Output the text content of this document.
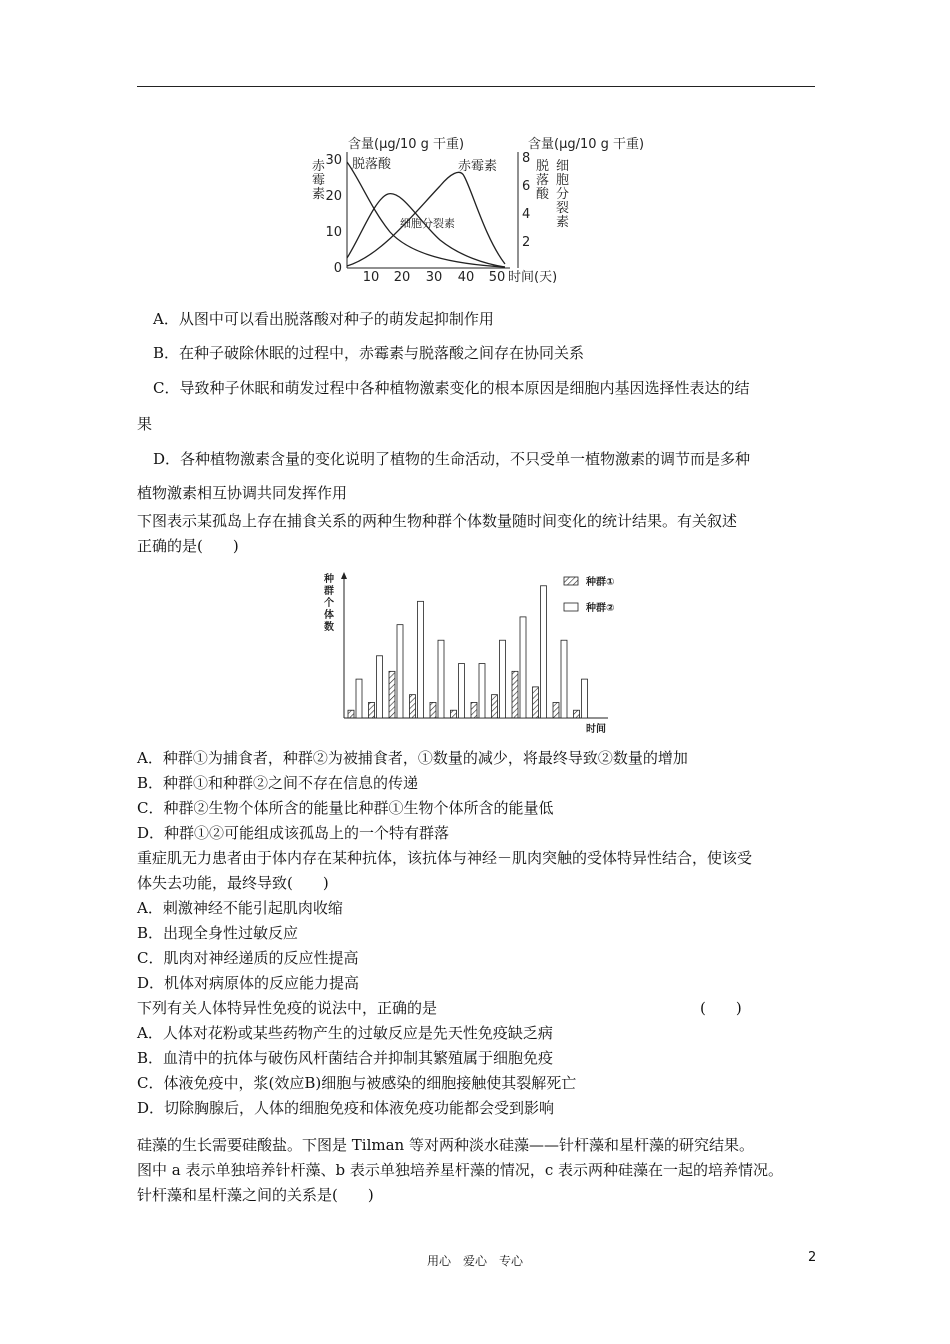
含量(μg/10 g 干重)	含量(μg/10 g 干重)
赤
霉
素
脱
落
酸
细
胞
分
裂
素
30
20
10
0
8
6
4
2
10 20 30 40 50 时间(天)
脱落酸	赤霉素
细胞分裂素
A．从图中可以看出脱落酸对种子的萌发起抑制作用
B．在种子破除休眠的过程中，赤霉素与脱落酸之间存在协同关系
C．导致种子休眠和萌发过程中各种植物激素变化的根本原因是细胞内基因选择性表达的结
果
D．各种植物激素含量的变化说明了植物的生命活动，不只受单一植物激素的调节而是多种
植物激素相互协调共同发挥作用
下图表示某孤岛上存在捕食关系的两种生物种群个体数量随时间变化的统计结果。有关叙述
正确的是(　　)
种
群
个
体
数
时间
种群①
种群②
A．种群①为捕食者，种群②为被捕食者，①数量的减少，将最终导致②数量的增加
B．种群①和种群②之间不存在信息的传递
C．种群②生物个体所含的能量比种群①生物个体所含的能量低
D．种群①②可能组成该孤岛上的一个特有群落
重症肌无力患者由于体内存在某种抗体，该抗体与神经－肌肉突触的受体特异性结合，使该受
体失去功能，最终导致(　　)
A．刺激神经不能引起肌肉收缩
B．出现全身性过敏反应
C．肌肉对神经递质的反应性提高
D．机体对病原体的反应能力提高
下列有关人体特异性免疫的说法中，正确的是	(　　)
A．人体对花粉或某些药物产生的过敏反应是先天性免疫缺乏病
B．血清中的抗体与破伤风杆菌结合并抑制其繁殖属于细胞免疫
C．体液免疫中，浆(效应B)细胞与被感染的细胞接触使其裂解死亡
D．切除胸腺后，人体的细胞免疫和体液免疫功能都会受到影响
硅藻的生长需要硅酸盐。下图是 Tilman 等对两种淡水硅藻——针杆藻和星杆藻的研究结果。
图中 a 表示单独培养针杆藻、b 表示单独培养星杆藻的情况，c 表示两种硅藻在一起的培养情况。
针杆藻和星杆藻之间的关系是(　　)
用心　爱心　专心	2
